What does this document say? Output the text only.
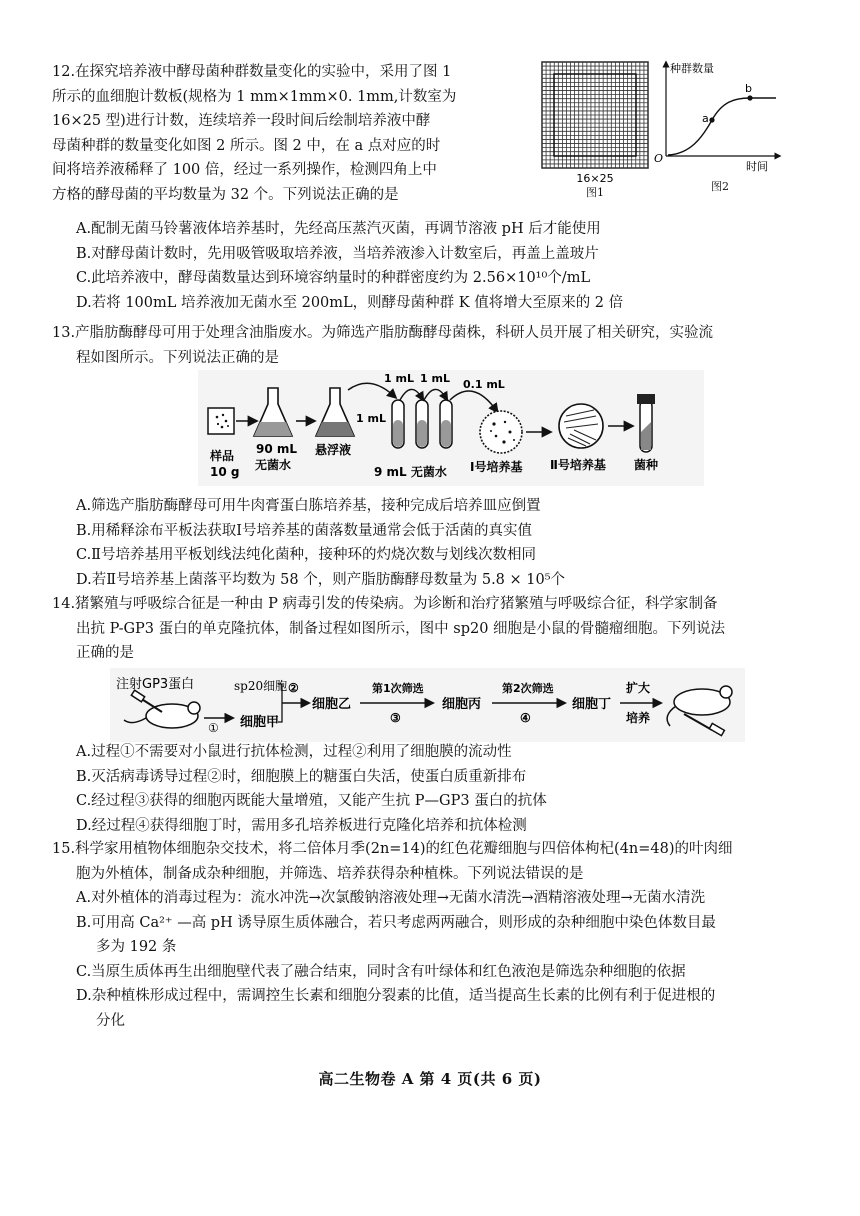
12.在探究培养液中酵母菌种群数量变化的实验中，采用了图 1

所示的血细胞计数板(规格为 1 mm×1mm×0. 1mm,计数室为

16×25 型)进行计数，连续培养一段时间后绘制培养液中酵

母菌种群的数量变化如图 2 所示。图 2 中，在 a 点对应的时

间将培养液稀释了 100 倍，经过一系列操作，检测四角上中

方格的酵母菌的平均数量为 32 个。下列说法正确的是

A.配制无菌马铃薯液体培养基时，先经高压蒸汽灭菌，再调节溶液 pH 后才能使用

B.对酵母菌计数时，先用吸管吸取培养液，当培养液渗入计数室后，再盖上盖玻片

C.此培养液中，酵母菌数量达到环境容纳量时的种群密度约为 2.56×10¹⁰个/mL

D.若将 100mL 培养液加无菌水至 200mL，则酵母菌种群 K 值将增大至原来的 2 倍

16×25
图1
a
b
O
种群数量
时间
图2

13.产脂肪酶酵母可用于处理含油脂废水。为筛选产脂肪酶酵母菌株，科研人员开展了相关研究，实验流

程如图所示。下列说法正确的是

样品
10 g
90 mL
无菌水
悬浮液
1 mL
1 mL 1 mL
9 mL 无菌水
0.1 mL
Ⅰ号培养基 Ⅱ号培养基 菌种

A.筛选产脂肪酶酵母可用牛肉膏蛋白胨培养基，接种完成后培养皿应倒置

B.用稀释涂布平板法获取Ⅰ号培养基的菌落数量通常会低于活菌的真实值

C.Ⅱ号培养基用平板划线法纯化菌种，接种环的灼烧次数与划线次数相同

D.若Ⅱ号培养基上菌落平均数为 58 个，则产脂肪酶酵母数量为 5.8 × 10⁵个

14.猪繁殖与呼吸综合征是一种由 P 病毒引发的传染病。为诊断和治疗猪繁殖与呼吸综合征，科学家制备

出抗 P-GP3 蛋白的单克隆抗体，制备过程如图所示，图中 sp20 细胞是小鼠的骨髓瘤细胞。下列说法

正确的是

注射GP3蛋白
① 细胞甲
sp20细胞 ②
细胞乙
第1次筛选
③
细胞丙
第2次筛选
④
细胞丁
扩大
培养

A.过程①不需要对小鼠进行抗体检测，过程②利用了细胞膜的流动性

B.灭活病毒诱导过程②时，细胞膜上的糖蛋白失活，使蛋白质重新排布

C.经过程③获得的细胞丙既能大量增殖，又能产生抗 P—GP3 蛋白的抗体

D.经过程④获得细胞丁时，需用多孔培养板进行克隆化培养和抗体检测

15.科学家用植物体细胞杂交技术，将二倍体月季(2n=14)的红色花瓣细胞与四倍体枸杞(4n=48)的叶肉细

胞为外植体，制备成杂种细胞，并筛选、培养获得杂种植株。下列说法错误的是

A.对外植体的消毒过程为：流水冲洗→次氯酸钠溶液处理→无菌水清洗→酒精溶液处理→无菌水清洗

B.可用高 Ca²⁺ —高 pH 诱导原生质体融合，若只考虑两两融合，则形成的杂种细胞中染色体数目最

多为 192 条

C.当原生质体再生出细胞壁代表了融合结束，同时含有叶绿体和红色液泡是筛选杂种细胞的依据

D.杂种植株形成过程中，需调控生长素和细胞分裂素的比值，适当提高生长素的比例有利于促进根的

分化

高二生物卷 A 第 4 页(共 6 页)
